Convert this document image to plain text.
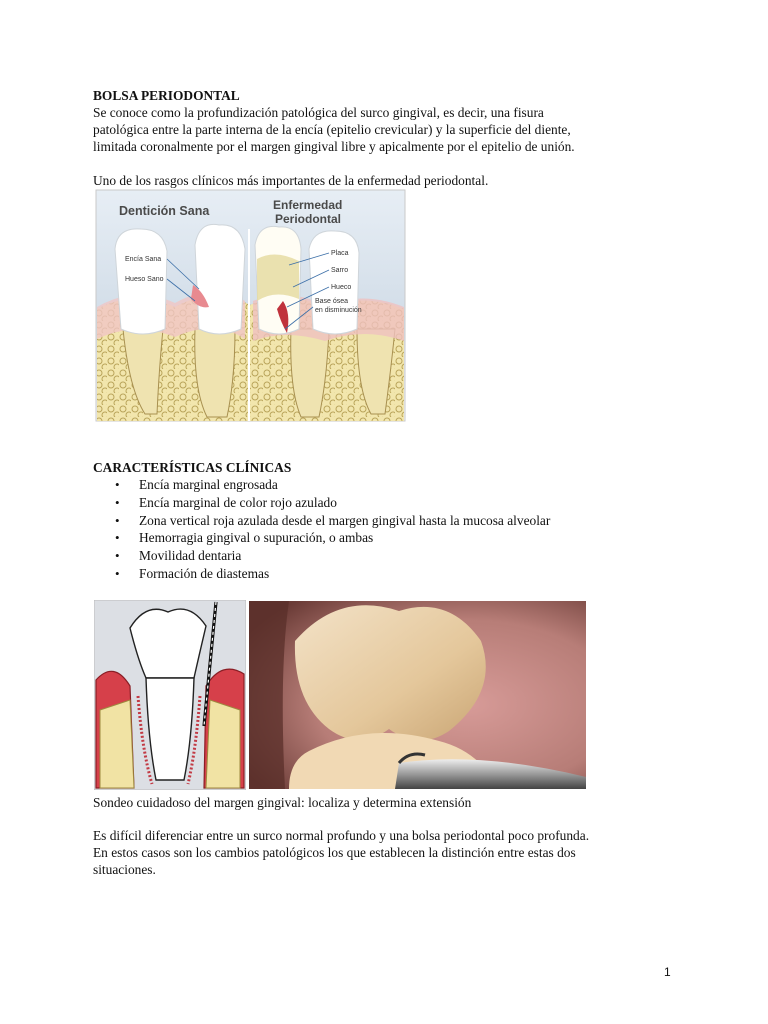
BOLSA PERIODONTAL
Se conoce como la profundización patológica del surco gingival, es decir, una fisura
patológica entre la parte interna de la encía (epitelio crevicular) y la superficie del diente,
limitada coronalmente por el margen gingival libre y apicalmente por el epitelio de unión.
Uno de los rasgos clínicos más importantes de la enfermedad periodontal.
Dentición Sana	Enfermedad
Periodontal
Encía Sana
Hueso Sano
Placa
Sarro
Hueco
Base ósea
en disminución
CARACTERÍSTICAS CLÍNICAS
• Encía marginal engrosada
• Encía marginal de color rojo azulado
• Zona vertical roja azulada desde el margen gingival hasta la mucosa alveolar
• Hemorragia gingival o supuración, o ambas
• Movilidad dentaria
• Formación de diastemas
Sondeo cuidadoso del margen gingival: localiza y determina extensión
Es difícil diferenciar entre un surco normal profundo y una bolsa periodontal poco profunda.
En estos casos son los cambios patológicos los que establecen la distinción entre estas dos
situaciones.
1
